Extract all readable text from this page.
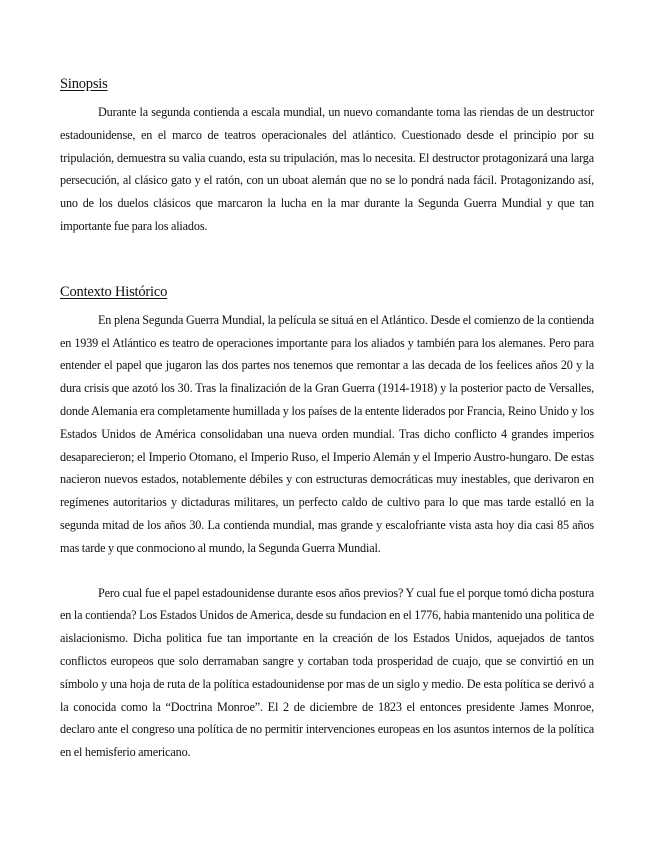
Sinopsis

Durante la segunda contienda a escala mundial, un nuevo comandante toma las riendas de un destructor estadounidense, en el marco de teatros operacionales del atlántico. Cuestionado desde el principio por su tripulación, demuestra su valia cuando, esta su tripulación, mas lo necesita. El destructor protagonizará una larga persecución, al clásico gato y el ratón, con un uboat alemán que no se lo pondrá nada fácil. Protagonizando así, uno de los duelos clásicos que marcaron la lucha en la mar durante la Segunda Guerra Mundial y que tan importante fue para los aliados.

Contexto Histórico

En plena Segunda Guerra Mundial, la película se situá en el Atlántico. Desde el comienzo de la contienda en 1939 el Atlántico es teatro de operaciones importante para los aliados y también para los alemanes. Pero para entender el papel que jugaron las dos partes nos tenemos que remontar a las decada de los feelices años 20 y la dura crisis que azotó los 30. Tras la finalización de la Gran Guerra (1914-1918) y la posterior pacto de Versalles, donde Alemania era completamente humillada y los países de la entente liderados por Francia, Reino Unido y los Estados Unidos de América consolidaban una nueva orden mundial. Tras dicho conflicto 4 grandes imperios desaparecieron; el Imperio Otomano, el Imperio Ruso, el Imperio Alemán y el Imperio Austro-hungaro. De estas nacieron nuevos estados, notablemente débiles y con estructuras democráticas muy inestables, que derivaron en regímenes autoritarios y dictaduras militares, un perfecto caldo de cultivo para lo que mas tarde estalló en la segunda mitad de los años 30. La contienda mundial, mas grande y escalofriante vista asta hoy dia casi 85 años mas tarde y que conmociono al mundo, la Segunda Guerra Mundial.

Pero cual fue el papel estadounidense durante esos años previos? Y cual fue el porque tomó dicha postura en la contienda? Los Estados Unidos de America, desde su fundacion en el 1776, habia mantenido una politica de aislacionismo. Dicha politica fue tan importante en la creación de los Estados Unidos, aquejados de tantos conflictos europeos que solo derramaban sangre y cortaban toda prosperidad de cuajo, que se convirtió en un símbolo y una hoja de ruta de la política estadounidense por mas de un siglo y medio. De esta política se derivó a la conocida como la “Doctrina Monroe”. El 2 de diciembre de 1823 el entonces presidente James Monroe, declaro ante el congreso una política de no permitir intervenciones europeas en los asuntos internos de la política en el hemisferio americano.
